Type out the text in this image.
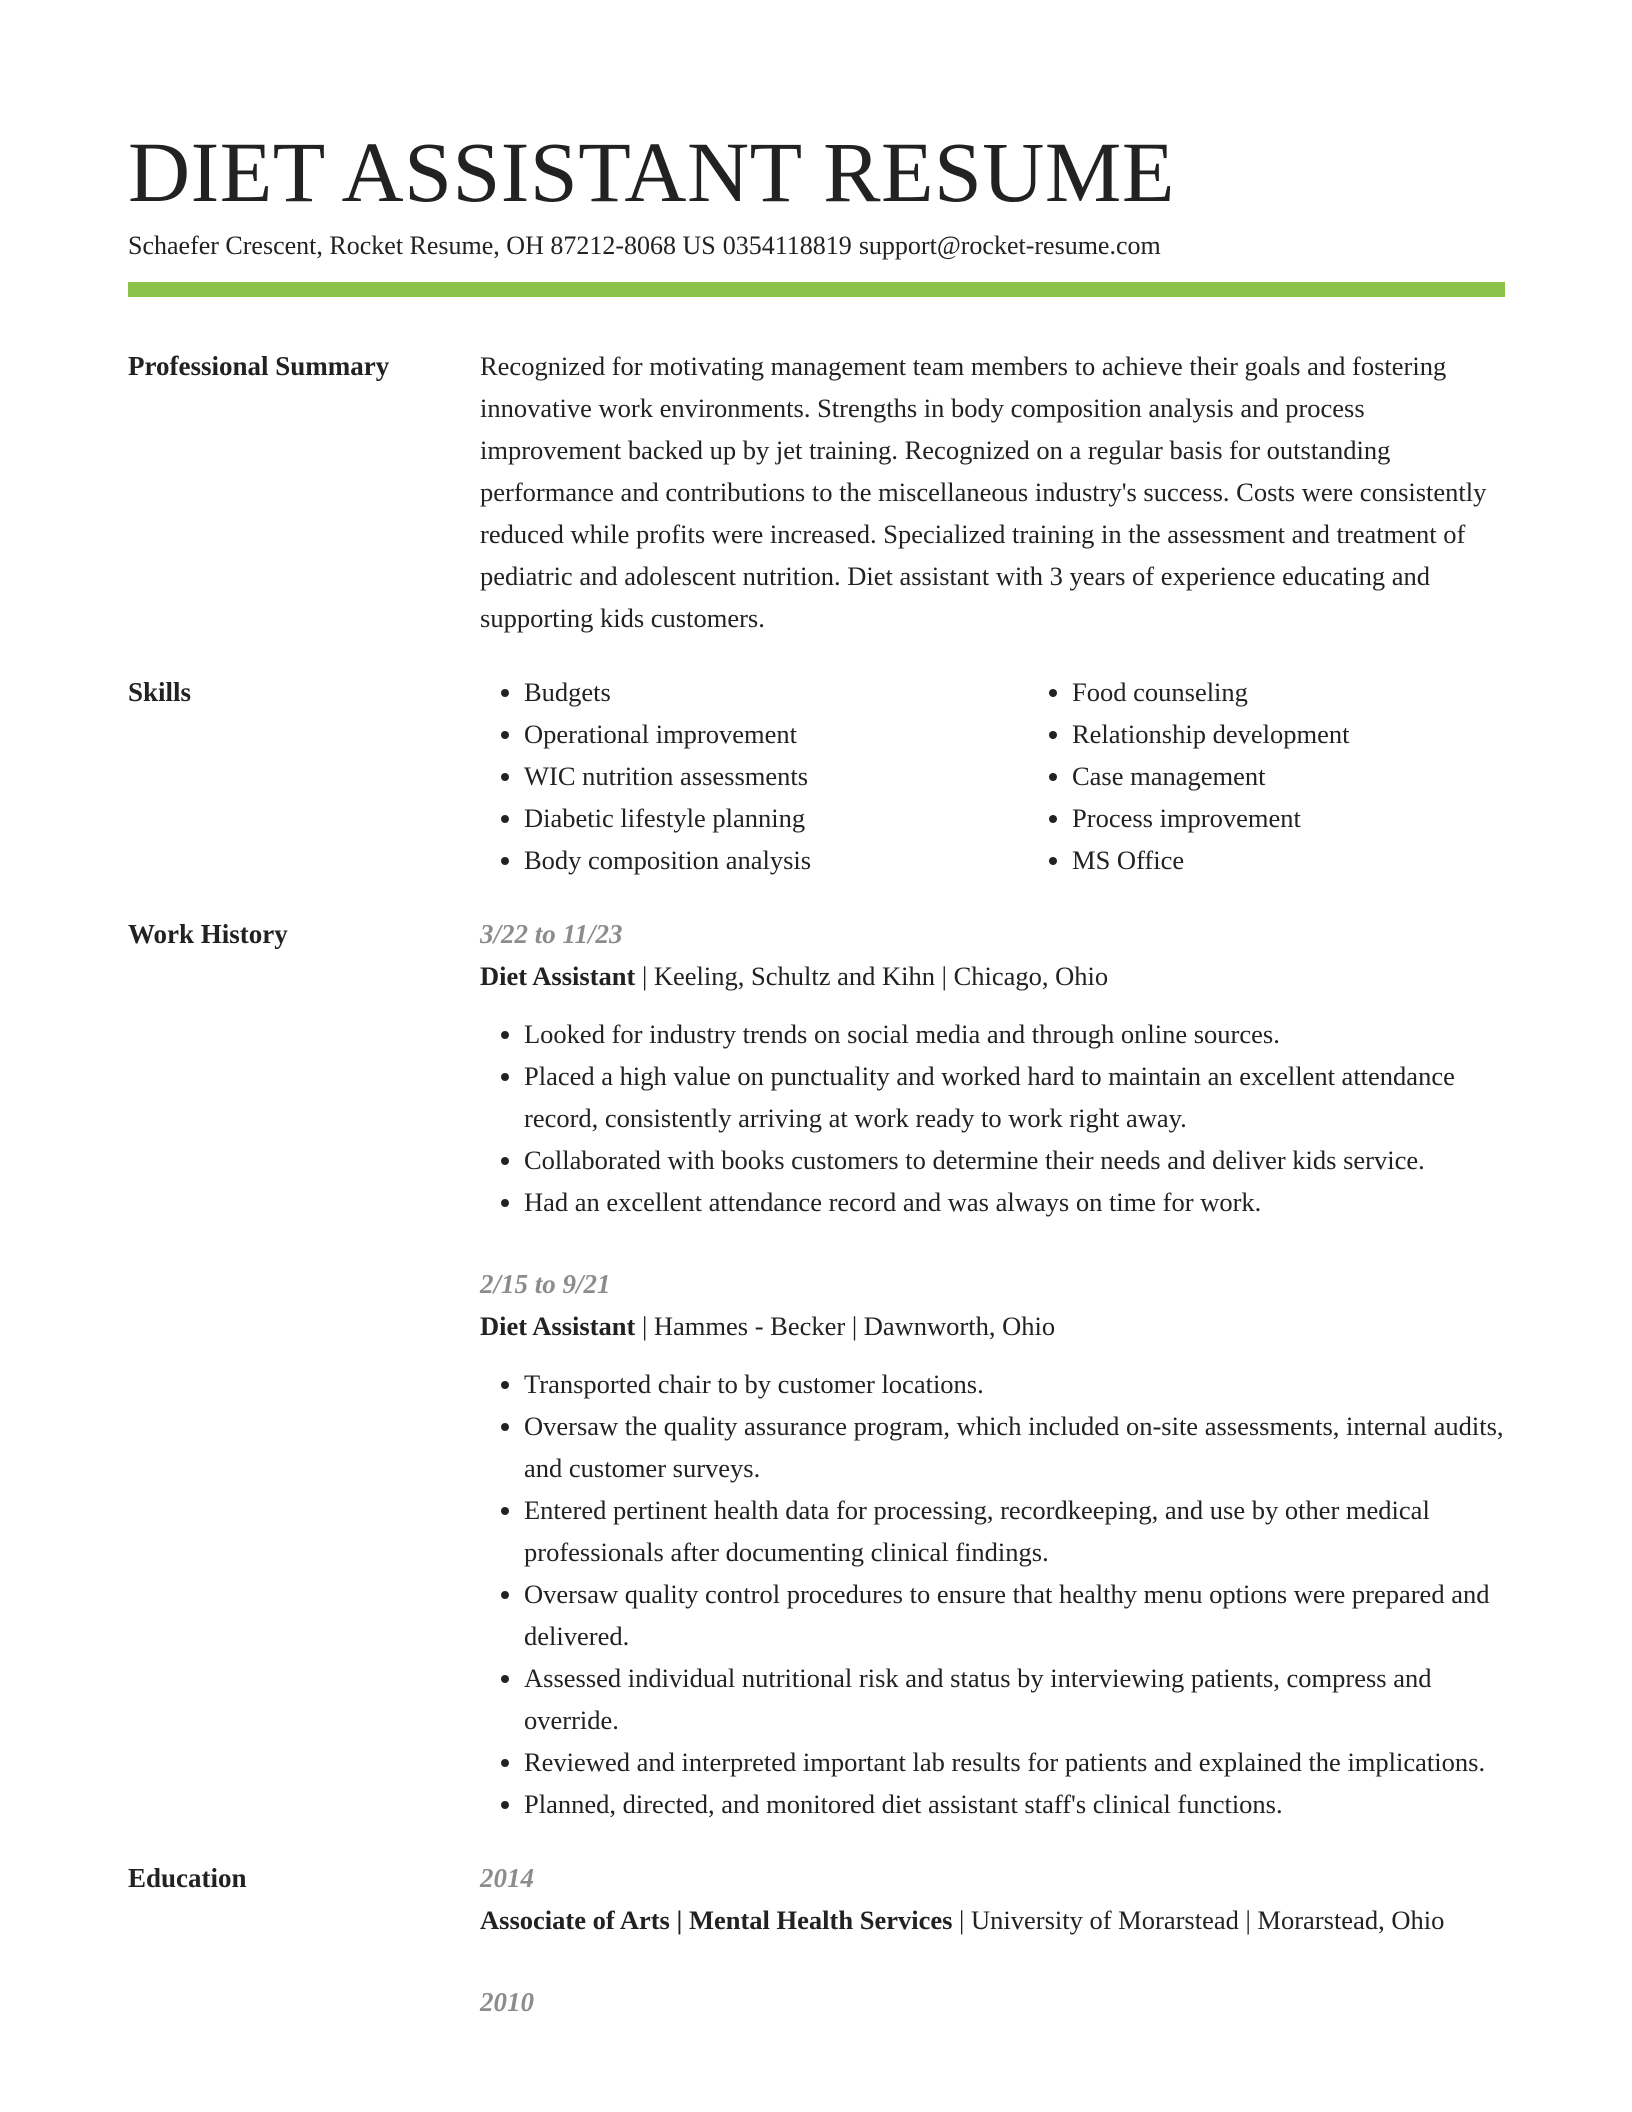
DIET ASSISTANT RESUME
Schaefer Crescent, Rocket Resume, OH 87212-8068 US 0354118819 support@rocket-resume.com
Professional Summary	Recognized for motivating management team members to achieve their goals and fostering innovative work environments. Strengths in body composition analysis and process improvement backed up by jet training. Recognized on a regular basis for outstanding performance and contributions to the miscellaneous industry's success. Costs were consistently reduced while profits were increased. Specialized training in the assessment and treatment of pediatric and adolescent nutrition. Diet assistant with 3 years of experience educating and supporting kids customers.
Skills
•	Budgets
• Operational improvement
• WIC nutrition assessments
• Diabetic lifestyle planning
• Body composition analysis
• Food counseling
• Relationship development
• Case management
• Process improvement
• MS Office
Work History	3/22 to 11/23
Diet Assistant | Keeling, Schultz and Kihn | Chicago, Ohio
• Looked for industry trends on social media and through online sources.
• Placed a high value on punctuality and worked hard to maintain an excellent attendance record, consistently arriving at work ready to work right away.
• Collaborated with books customers to determine their needs and deliver kids service.
• Had an excellent attendance record and was always on time for work.
2/15 to 9/21
Diet Assistant | Hammes - Becker | Dawnworth, Ohio
• Transported chair to by customer locations.
• Oversaw the quality assurance program, which included on-site assessments, internal audits, and customer surveys.
• Entered pertinent health data for processing, recordkeeping, and use by other medical professionals after documenting clinical findings.
• Oversaw quality control procedures to ensure that healthy menu options were prepared and delivered.
• Assessed individual nutritional risk and status by interviewing patients, compress and override.
• Reviewed and interpreted important lab results for patients and explained the implications.
• Planned, directed, and monitored diet assistant staff's clinical functions.
Education	2014
Associate of Arts | Mental Health Services | University of Morarstead | Morarstead, Ohio
2010
